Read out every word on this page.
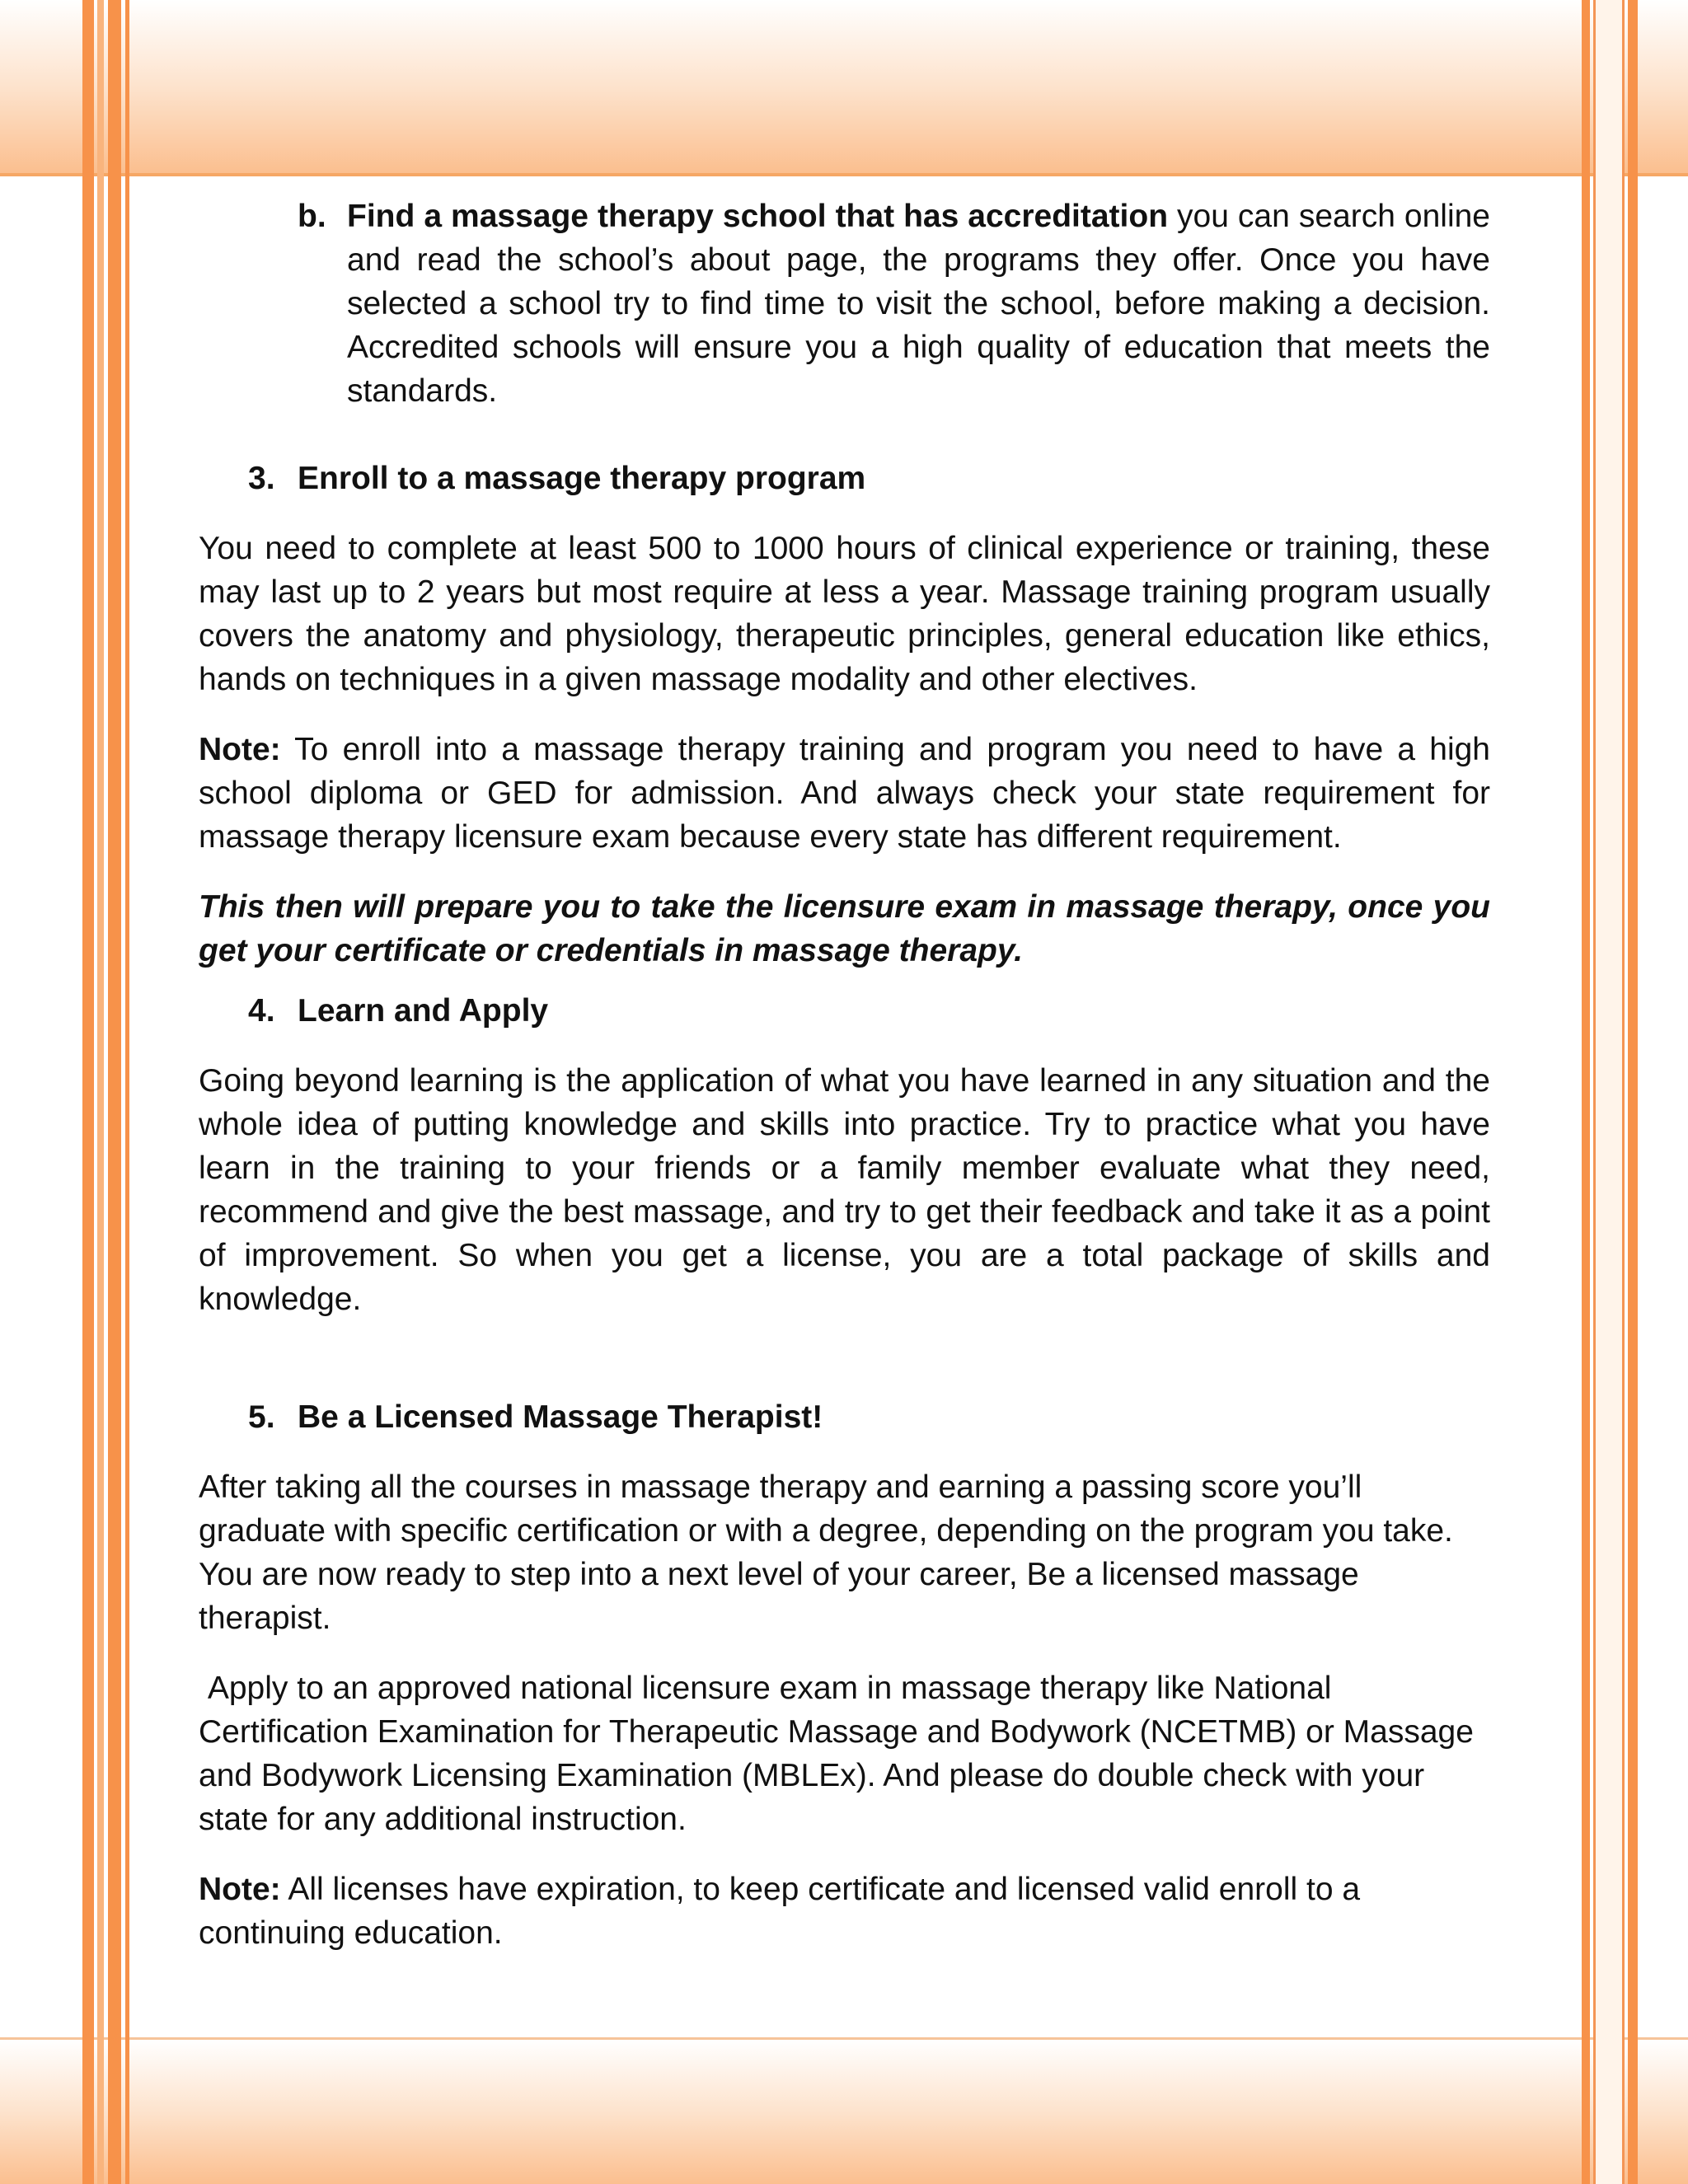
b. Find a massage therapy school that has accreditation you can search online and read the school’s about page, the programs they offer. Once you have selected a school try to find time to visit the school, before making a decision. Accredited schools will ensure you a high quality of education that meets the standards.
3. Enroll to a massage therapy program

You need to complete at least 500 to 1000 hours of clinical experience or training, these may last up to 2 years but most require at less a year. Massage training program usually covers the anatomy and physiology, therapeutic principles, general education like ethics, hands on techniques in a given massage modality and other electives.

Note: To enroll into a massage therapy training and program you need to have a high school diploma or GED for admission. And always check your state requirement for massage therapy licensure exam because every state has different requirement.

This then will prepare you to take the licensure exam in massage therapy, once you get your certificate or credentials in massage therapy.

4. Learn and Apply

Going beyond learning is the application of what you have learned in any situation and the whole idea of putting knowledge and skills into practice. Try to practice what you have learn in the training to your friends or a family member evaluate what they need, recommend and give the best massage, and try to get their feedback and take it as a point of improvement. So when you get a license, you are a total package of skills and knowledge.

5. Be a Licensed Massage Therapist!

After taking all the courses in massage therapy and earning a passing score you’ll graduate with specific certification or with a degree, depending on the program you take. You are now ready to step into a next level of your career, Be a licensed massage therapist.

Apply to an approved national licensure exam in massage therapy like National Certification Examination for Therapeutic Massage and Bodywork (NCETMB) or Massage and Bodywork Licensing Examination (MBLEx). And please do double check with your state for any additional instruction.

Note: All licenses have expiration, to keep certificate and licensed valid enroll to a continuing education.
